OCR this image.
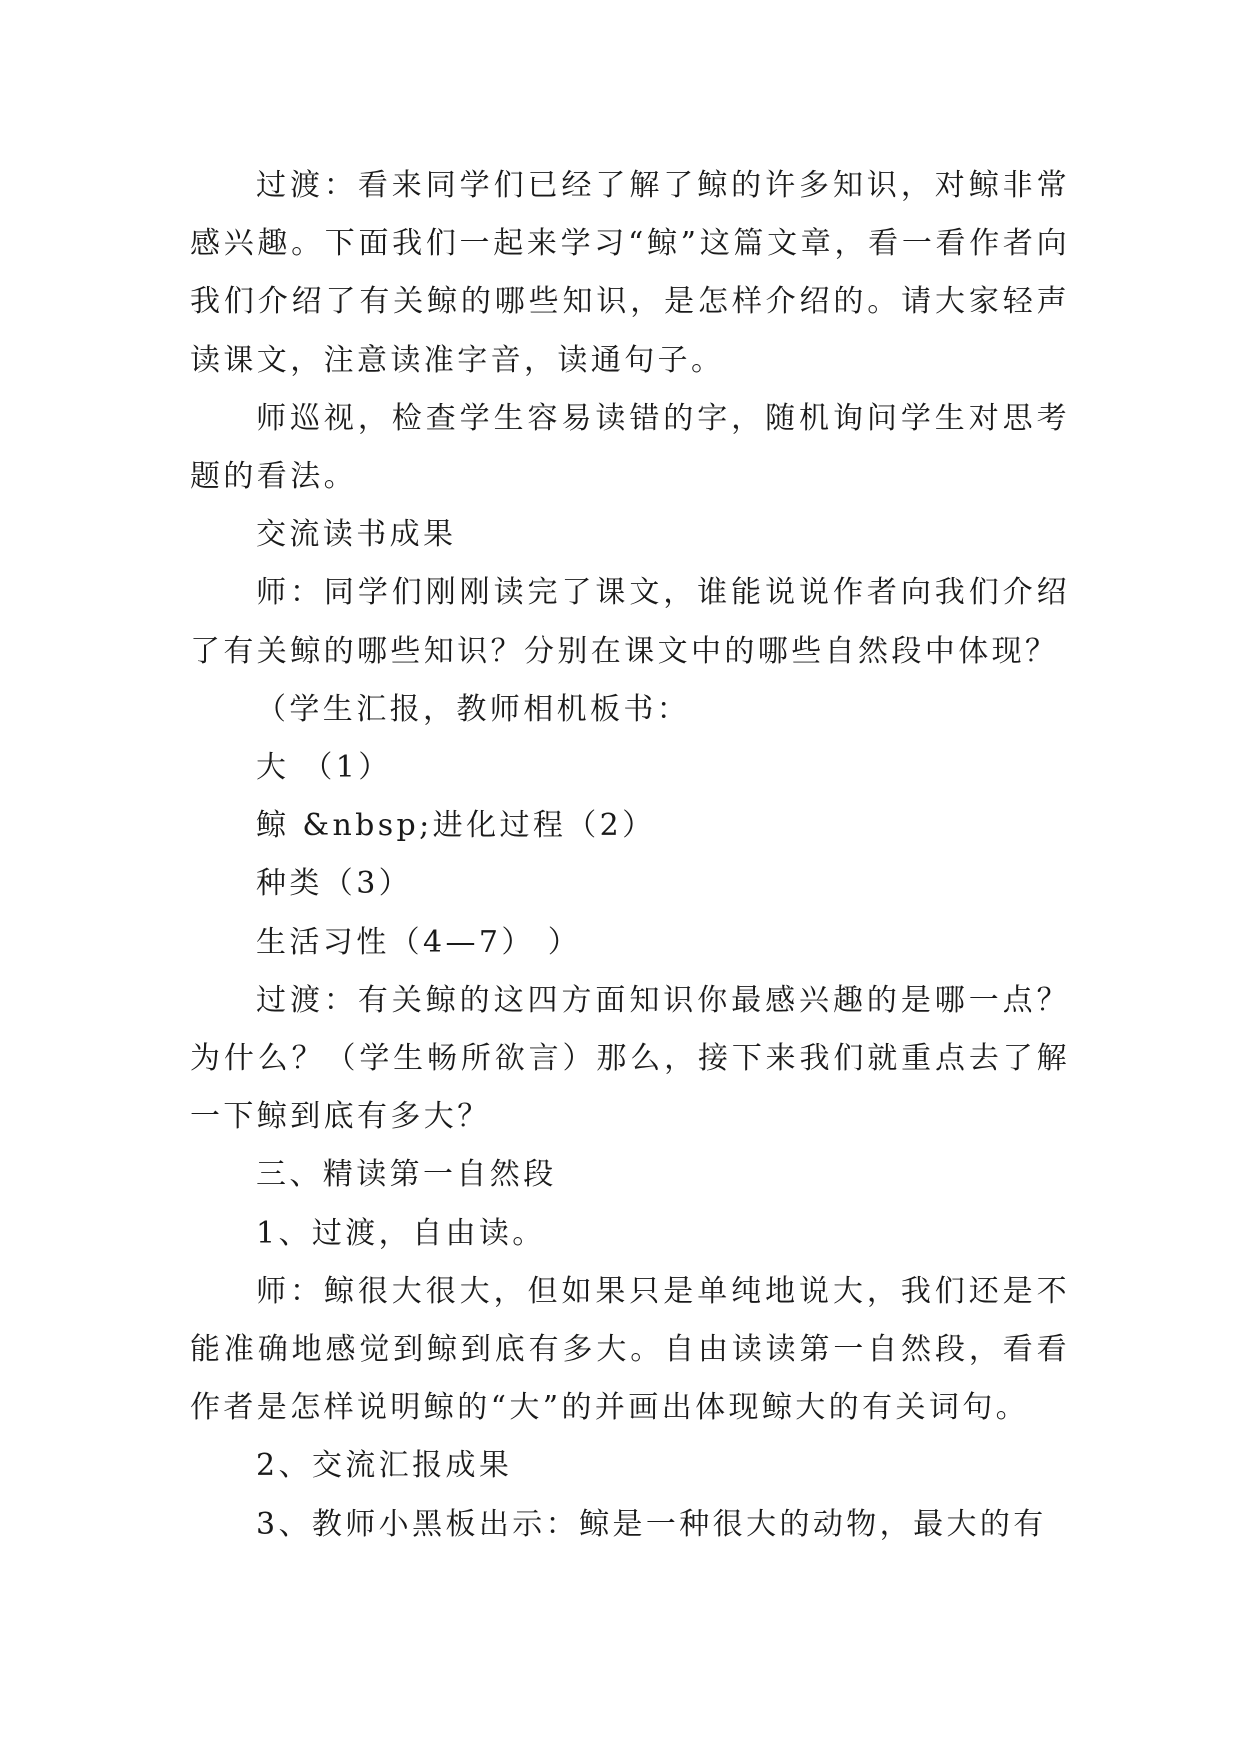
过渡：看来同学们已经了解了鲸的许多知识，对鲸非常感兴趣。下面我们一起来学习“鲸”这篇文章，看一看作者向我们介绍了有关鲸的哪些知识，是怎样介绍的。请大家轻声读课文，注意读准字音，读通句子。

师巡视，检查学生容易读错的字，随机询问学生对思考题的看法。

交流读书成果

师：同学们刚刚读完了课文，谁能说说作者向我们介绍了有关鲸的哪些知识？分别在课文中的哪些自然段中体现？

（学生汇报，教师相机板书：

大 （1）

鲸 &nbsp;进化过程（2）

种类（3）

生活习性（4—7） ）

过渡：有关鲸的这四方面知识你最感兴趣的是哪一点？为什么？（学生畅所欲言）那么，接下来我们就重点去了解一下鲸到底有多大？

三、精读第一自然段

1、过渡，自由读。

师：鲸很大很大，但如果只是单纯地说大，我们还是不能准确地感觉到鲸到底有多大。自由读读第一自然段，看看作者是怎样说明鲸的“大”的并画出体现鲸大的有关词句。

2、交流汇报成果

3、教师小黑板出示：鲸是一种很大的动物，最大的有
